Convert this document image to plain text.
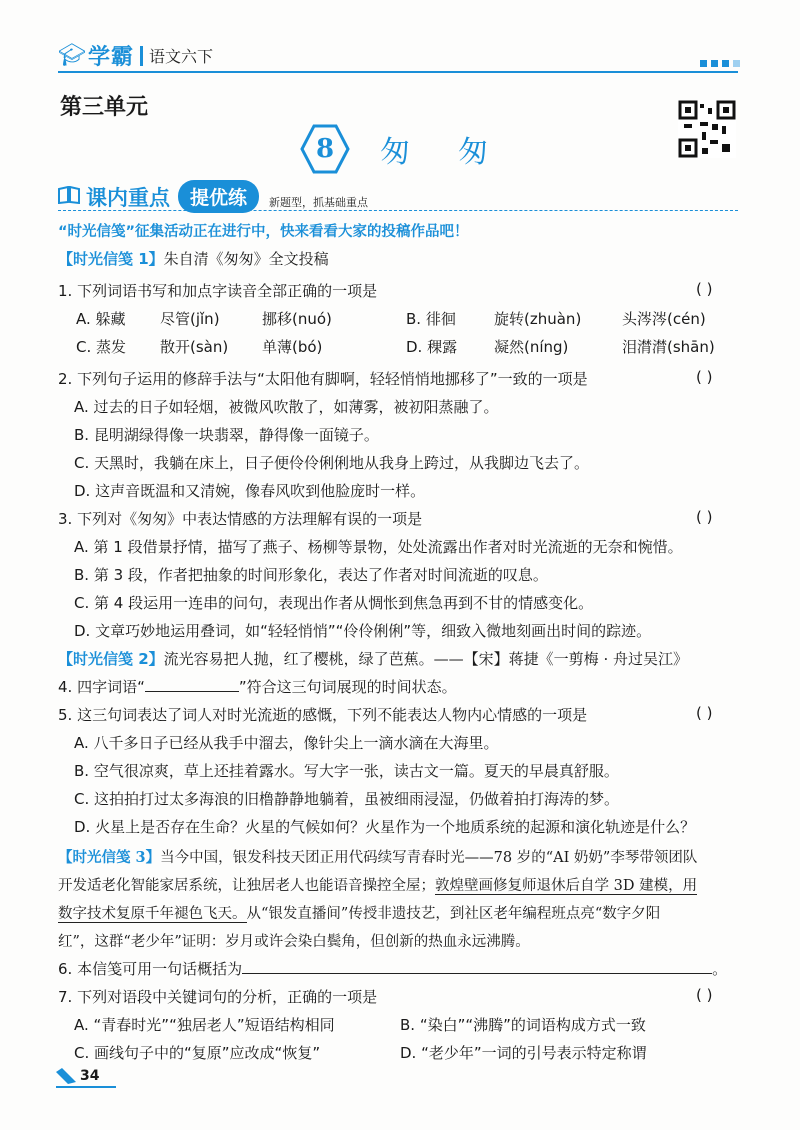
🎓︎ 学霸 语文六下
第三单元
8 匆匆
课内重点	提优练	新题型，抓基础重点
“时光信笺”征集活动正在进行中，快来看看大家的投稿作品吧！
【时光信笺 1】朱自清《匆匆》全文投稿
1. 下列词语书写和加点字读音全部正确的一项是	( )
A. 躲藏 尽管(jǐn)	挪移(nuó)	B. 徘徊	旋转(zhuàn)	头涔涔(cén)
C. 蒸发 散开(sàn) 单薄(bó)	D. 稞露 凝然(níng)	泪潸潸(shān)
2. 下列句子运用的修辞手法与“太阳他有脚啊，轻轻悄悄地挪移了”一致的一项是	( )
A. 过去的日子如轻烟，被微风吹散了，如薄雾，被初阳蒸融了。
B. 昆明湖绿得像一块翡翠，静得像一面镜子。
C. 天黑时，我躺在床上，日子便伶伶俐俐地从我身上跨过，从我脚边飞去了。
D. 这声音既温和又清婉，像春风吹到他脸庞时一样。
3. 下列对《匆匆》中表达情感的方法理解有误的一项是	( )
A. 第 1 段借景抒情，描写了燕子、杨柳等景物，处处流露出作者对时光流逝的无奈和惋惜。
B. 第 3 段，作者把抽象的时间形象化，表达了作者对时间流逝的叹息。
C. 第 4 段运用一连串的问句，表现出作者从惆怅到焦急再到不甘的情感变化。
D. 文章巧妙地运用叠词，如“轻轻悄悄”“伶伶俐俐”等，细致入微地刻画出时间的踪迹。
【时光信笺 2】流光容易把人抛，红了樱桃，绿了芭蕉。——【宋】蒋捷《一剪梅 · 舟过吴江》
4. 四字词语“	”符合这三句词展现的时间状态。
5. 这三句词表达了词人对时光流逝的感慨，下列不能表达人物内心情感的一项是	( )
A. 八千多日子已经从我手中溜去，像针尖上一滴水滴在大海里。
B. 空气很凉爽，草上还挂着露水。写大字一张，读古文一篇。夏天的早晨真舒服。
C. 这拍拍打过太多海浪的旧橹静静地躺着，虽被细雨浸湿，仍做着拍打海涛的梦。
D. 火星上是否存在生命？火星的气候如何？火星作为一个地质系统的起源和演化轨迹是什么？
【时光信笺 3】当今中国，银发科技天团正用代码续写青春时光——78 岁的“AI 奶奶”李琴带领团队
开发适老化智能家居系统，让独居老人也能语音操控全屋；敦煌壁画修复师退休后自学 3D 建模，用
数字技术复原千年褪色飞天。从“银发直播间”传授非遗技艺，到社区老年编程班点亮“数字夕阳
红”，这群“老少年”证明：岁月或许会染白鬓角，但创新的热血永远沸腾。
6. 本信笺可用一句话概括为	。
7. 下列对语段中关键词句的分析，正确的一项是	( )
A. “青春时光”“独居老人”短语结构相同	B. “染白”“沸腾”的词语构成方式一致
C. 画线句子中的“复原”应改成“恢复”	D. “老少年”一词的引号表示特定称谓
34
